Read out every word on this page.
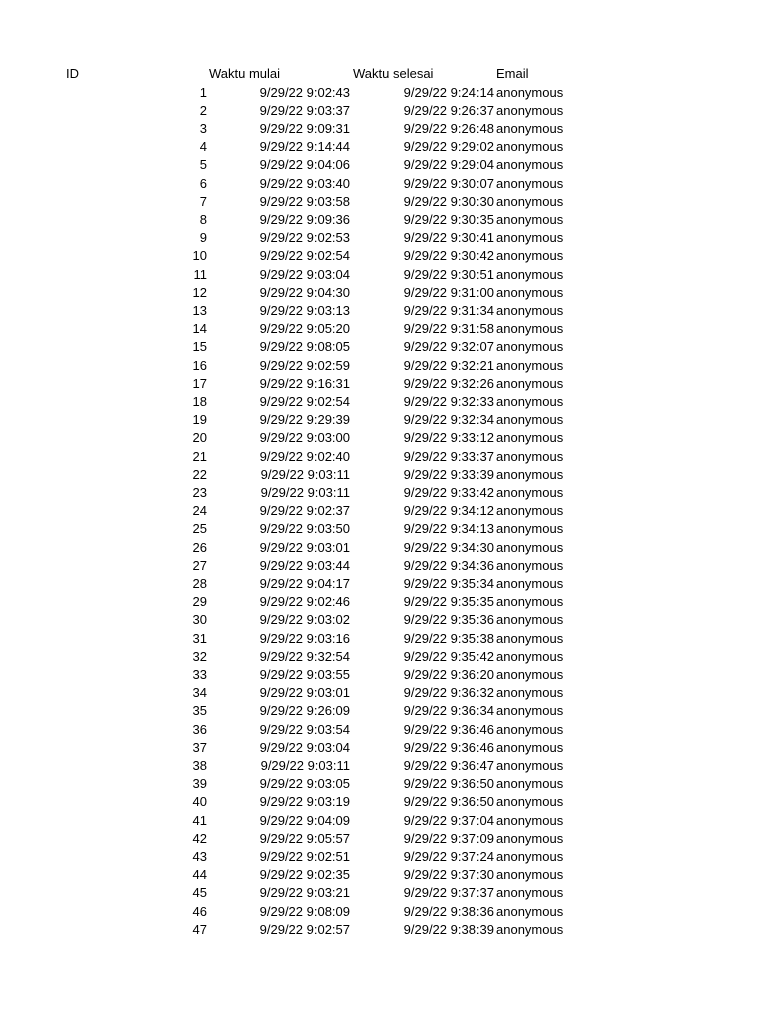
ID	Waktu mulai	Waktu selesai	Email
1	9/29/22 9:02:43	9/29/22 9:24:14 anonymous
2	9/29/22 9:03:37	9/29/22 9:26:37 anonymous
3	9/29/22 9:09:31	9/29/22 9:26:48 anonymous
4	9/29/22 9:14:44	9/29/22 9:29:02 anonymous
5	9/29/22 9:04:06	9/29/22 9:29:04 anonymous
6	9/29/22 9:03:40	9/29/22 9:30:07 anonymous
7	9/29/22 9:03:58	9/29/22 9:30:30 anonymous
8	9/29/22 9:09:36	9/29/22 9:30:35 anonymous
9	9/29/22 9:02:53	9/29/22 9:30:41 anonymous
10	9/29/22 9:02:54	9/29/22 9:30:42 anonymous
11	9/29/22 9:03:04	9/29/22 9:30:51 anonymous
12	9/29/22 9:04:30	9/29/22 9:31:00 anonymous
13	9/29/22 9:03:13	9/29/22 9:31:34 anonymous
14	9/29/22 9:05:20	9/29/22 9:31:58 anonymous
15	9/29/22 9:08:05	9/29/22 9:32:07 anonymous
16	9/29/22 9:02:59	9/29/22 9:32:21 anonymous
17	9/29/22 9:16:31	9/29/22 9:32:26 anonymous
18	9/29/22 9:02:54	9/29/22 9:32:33 anonymous
19	9/29/22 9:29:39	9/29/22 9:32:34 anonymous
20	9/29/22 9:03:00	9/29/22 9:33:12 anonymous
21	9/29/22 9:02:40	9/29/22 9:33:37 anonymous
22	9/29/22 9:03:11	9/29/22 9:33:39 anonymous
23	9/29/22 9:03:11	9/29/22 9:33:42 anonymous
24	9/29/22 9:02:37	9/29/22 9:34:12 anonymous
25	9/29/22 9:03:50	9/29/22 9:34:13 anonymous
26	9/29/22 9:03:01	9/29/22 9:34:30 anonymous
27	9/29/22 9:03:44	9/29/22 9:34:36 anonymous
28	9/29/22 9:04:17	9/29/22 9:35:34 anonymous
29	9/29/22 9:02:46	9/29/22 9:35:35 anonymous
30	9/29/22 9:03:02	9/29/22 9:35:36 anonymous
31	9/29/22 9:03:16	9/29/22 9:35:38 anonymous
32	9/29/22 9:32:54	9/29/22 9:35:42 anonymous
33	9/29/22 9:03:55	9/29/22 9:36:20 anonymous
34	9/29/22 9:03:01	9/29/22 9:36:32 anonymous
35	9/29/22 9:26:09	9/29/22 9:36:34 anonymous
36	9/29/22 9:03:54	9/29/22 9:36:46 anonymous
37	9/29/22 9:03:04	9/29/22 9:36:46 anonymous
38	9/29/22 9:03:11	9/29/22 9:36:47 anonymous
39	9/29/22 9:03:05	9/29/22 9:36:50 anonymous
40	9/29/22 9:03:19	9/29/22 9:36:50 anonymous
41	9/29/22 9:04:09	9/29/22 9:37:04 anonymous
42	9/29/22 9:05:57	9/29/22 9:37:09 anonymous
43	9/29/22 9:02:51	9/29/22 9:37:24 anonymous
44	9/29/22 9:02:35	9/29/22 9:37:30 anonymous
45	9/29/22 9:03:21	9/29/22 9:37:37 anonymous
46	9/29/22 9:08:09	9/29/22 9:38:36 anonymous
47	9/29/22 9:02:57	9/29/22 9:38:39 anonymous
